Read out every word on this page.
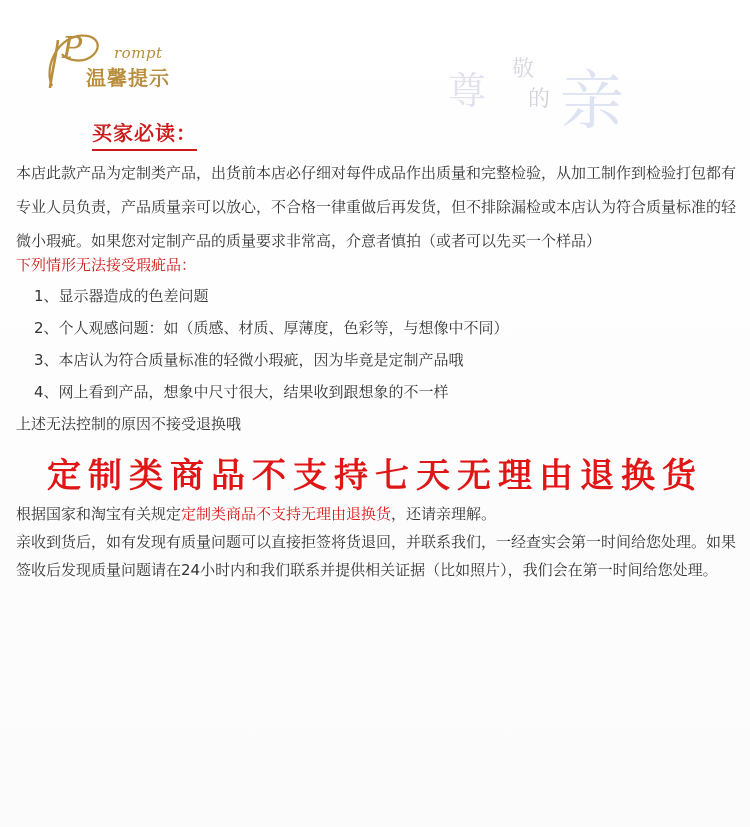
P rompt
温馨提示	尊 敬
的 亲
买家必读：
本店此款产品为定制类产品，出货前本店必仔细对每件成品作出质量和完整检验，从加工制作到检验打包都有专业人员负责，产品质量亲可以放心，不合格一律重做后再发货，但不排除漏检或本店认为符合质量标准的轻微小瑕疵。如果您对定制产品的质量要求非常高，介意者慎拍（或者可以先买一个样品）
下列情形无法接受瑕疵品：
1、显示器造成的色差问题
2、个人观感问题：如（质感、材质、厚薄度，色彩等，与想像中不同）
3、本店认为符合质量标准的轻微小瑕疵，因为毕竟是定制产品哦
4、网上看到产品，想象中尺寸很大，结果收到跟想象的不一样
上述无法控制的原因不接受退换哦
定制类商品不支持七天无理由退换货

根据国家和淘宝有关规定定制类商品不支持无理由退换货，还请亲理解。

亲收到货后，如有发现有质量问题可以直接拒签将货退回，并联系我们，一经查实会第一时间给您处理。如果签收后发现质量问题请在24小时内和我们联系并提供相关证据（比如照片），我们会在第一时间给您处理。
